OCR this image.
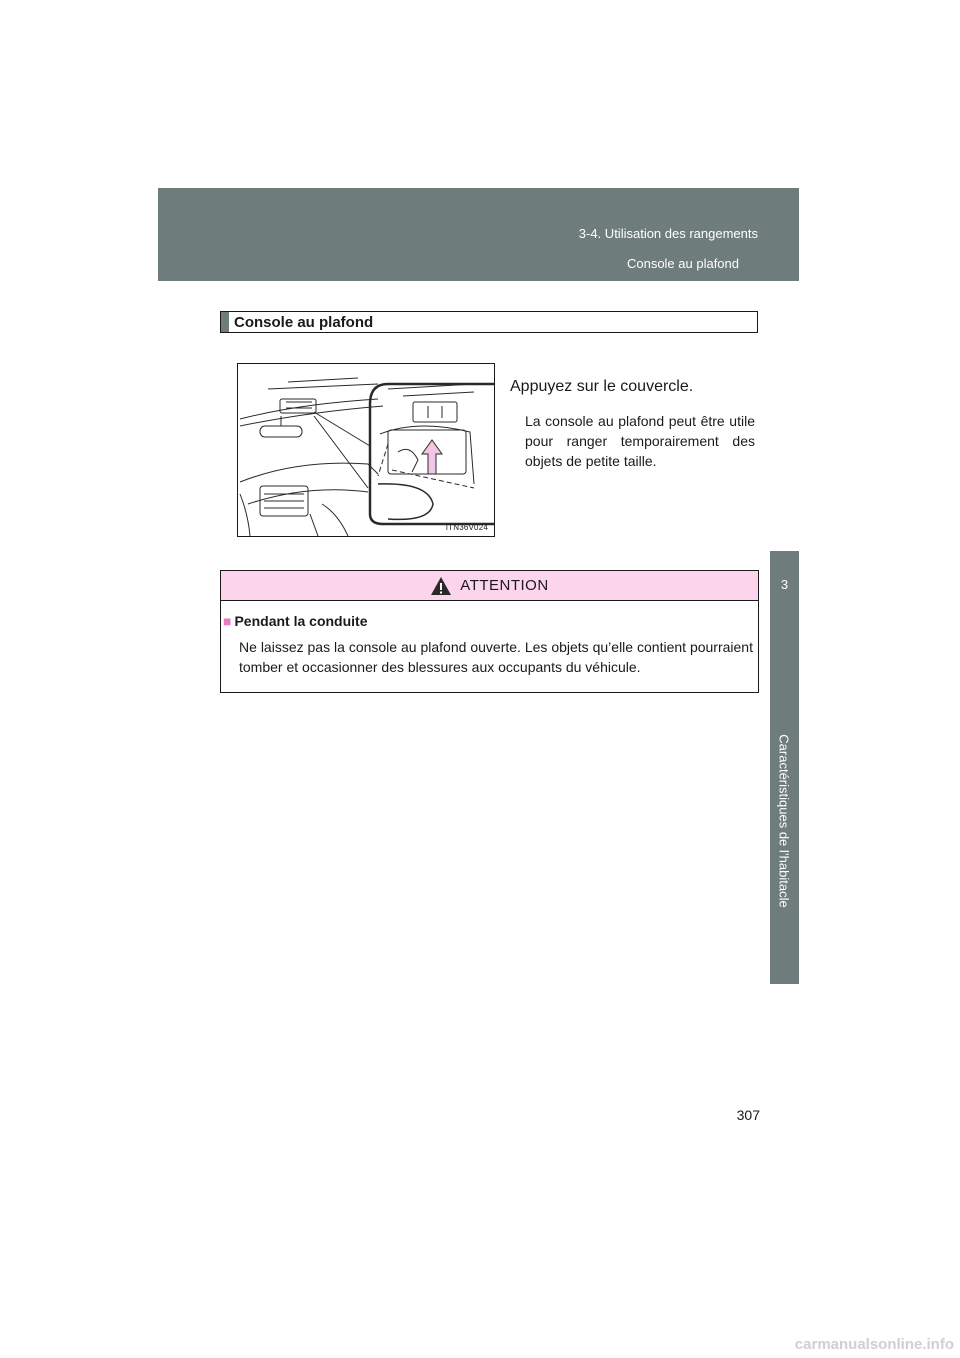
3-4. Utilisation des rangements
Console au plafond
3
Caractéristiques de l’habitacle
Console au plafond
ITN36V024
Appuyez sur le couvercle.
La console au plafond peut être utile pour ranger temporairement des objets de petite taille.
ATTENTION
■ Pendant la conduite
Ne laissez pas la console au plafond ouverte. Les objets qu’elle contient pourraient tomber et occasionner des blessures aux occupants du véhicule.
307
carmanualsonline.info
